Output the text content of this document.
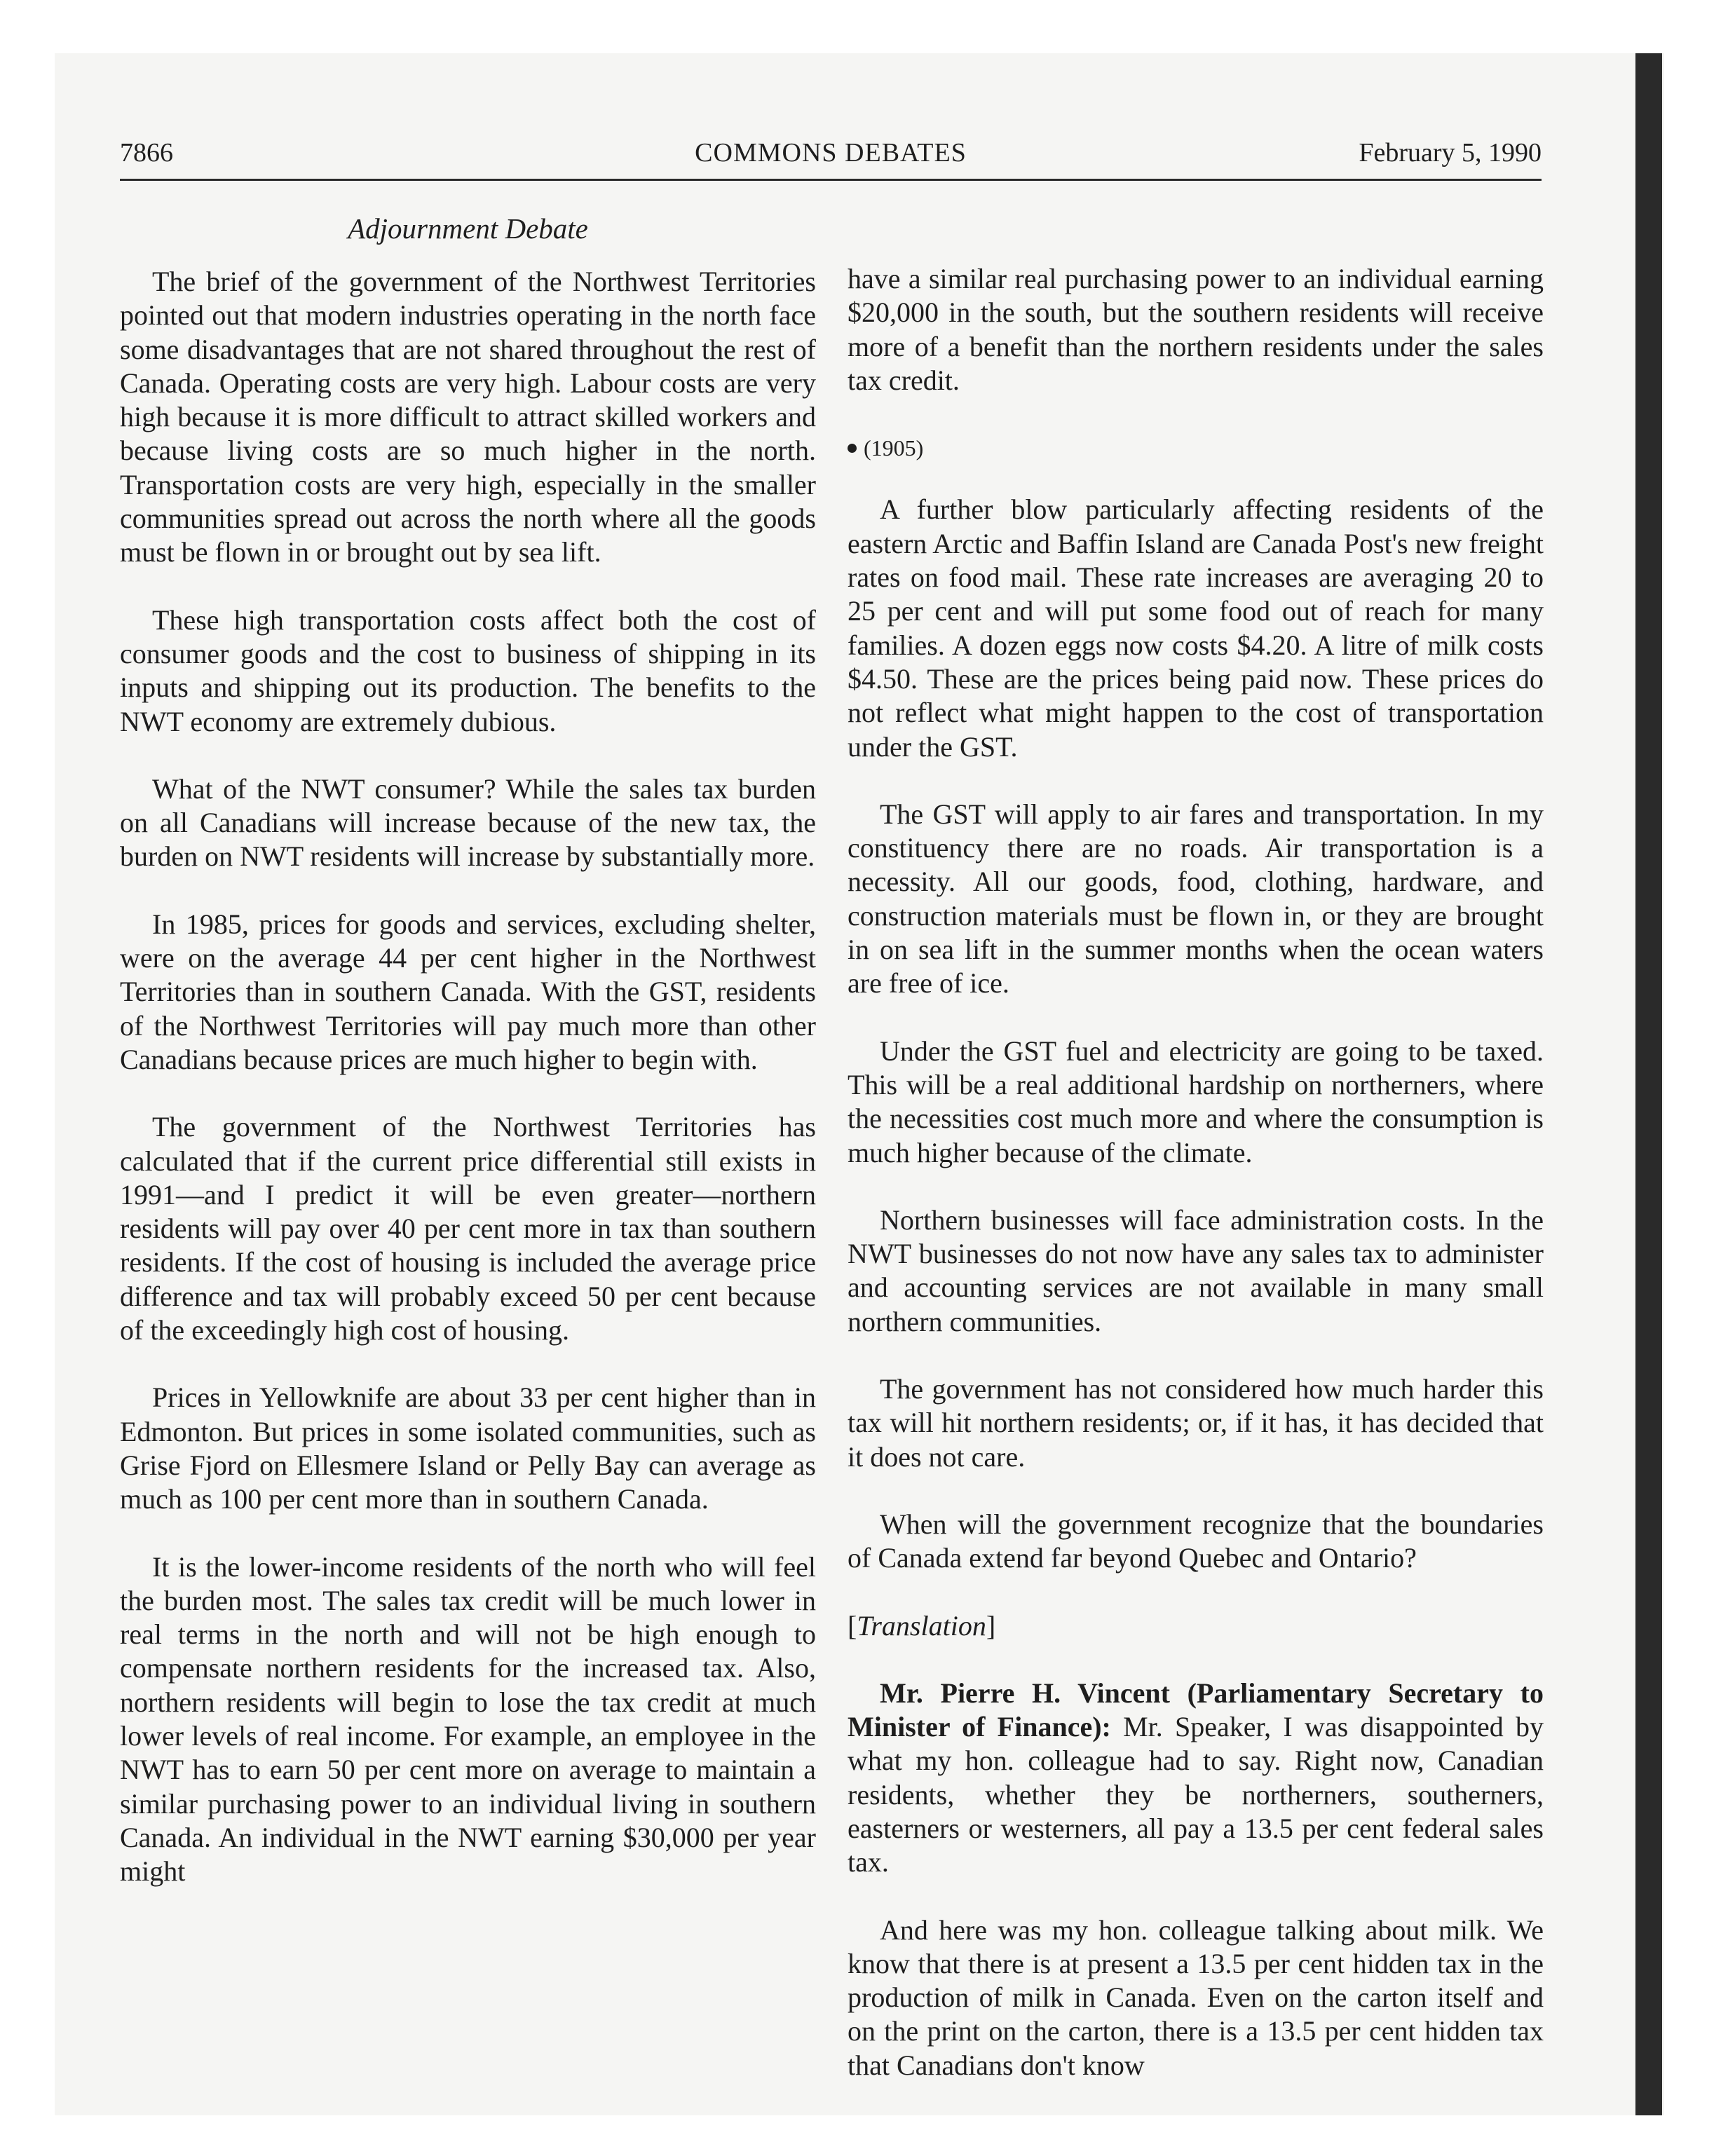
7866	COMMONS DEBATES	February 5, 1990
Adjournment Debate

The brief of the government of the Northwest Territories pointed out that modern industries operating in the north face some disadvantages that are not shared throughout the rest of Canada. Operating costs are very high. Labour costs are very high because it is more difficult to attract skilled workers and because living costs are so much higher in the north. Transportation costs are very high, especially in the smaller communities spread out across the north where all the goods must be flown in or brought out by sea lift.

These high transportation costs affect both the cost of consumer goods and the cost to business of shipping in its inputs and shipping out its production. The benefits to the NWT economy are extremely dubious.

What of the NWT consumer? While the sales tax burden on all Canadians will increase because of the new tax, the burden on NWT residents will increase by substantially more.

In 1985, prices for goods and services, excluding shelter, were on the average 44 per cent higher in the Northwest Territories than in southern Canada. With the GST, residents of the Northwest Territories will pay much more than other Canadians because prices are much higher to begin with.

The government of the Northwest Territories has calculated that if the current price differential still exists in 1991—and I predict it will be even greater—northern residents will pay over 40 per cent more in tax than southern residents. If the cost of housing is included the average price difference and tax will probably exceed 50 per cent because of the exceedingly high cost of housing.

Prices in Yellowknife are about 33 per cent higher than in Edmonton. But prices in some isolated communities, such as Grise Fjord on Ellesmere Island or Pelly Bay can average as much as 100 per cent more than in southern Canada.

It is the lower-income residents of the north who will feel the burden most. The sales tax credit will be much lower in real terms in the north and will not be high enough to compensate northern residents for the increased tax. Also, northern residents will begin to lose the tax credit at much lower levels of real income. For example, an employee in the NWT has to earn 50 per cent more on average to maintain a similar purchasing power to an individual living in southern Canada. An individual in the NWT earning $30,000 per year might

have a similar real purchasing power to an individual earning $20,000 in the south, but the southern residents will receive more of a benefit than the northern residents under the sales tax credit.

(1905)

A further blow particularly affecting residents of the eastern Arctic and Baffin Island are Canada Post's new freight rates on food mail. These rate increases are averaging 20 to 25 per cent and will put some food out of reach for many families. A dozen eggs now costs $4.20. A litre of milk costs $4.50. These are the prices being paid now. These prices do not reflect what might happen to the cost of transportation under the GST.

The GST will apply to air fares and transportation. In my constituency there are no roads. Air transportation is a necessity. All our goods, food, clothing, hardware, and construction materials must be flown in, or they are brought in on sea lift in the summer months when the ocean waters are free of ice.

Under the GST fuel and electricity are going to be taxed. This will be a real additional hardship on northerners, where the necessities cost much more and where the consumption is much higher because of the climate.

Northern businesses will face administration costs. In the NWT businesses do not now have any sales tax to administer and accounting services are not available in many small northern communities.

The government has not considered how much harder this tax will hit northern residents; or, if it has, it has decided that it does not care.

When will the government recognize that the boundaries of Canada extend far beyond Quebec and Ontario?

[Translation]

Mr. Pierre H. Vincent (Parliamentary Secretary to Minister of Finance): Mr. Speaker, I was disappointed by what my hon. colleague had to say. Right now, Canadian residents, whether they be northerners, southerners, easterners or westerners, all pay a 13.5 per cent federal sales tax.

And here was my hon. colleague talking about milk. We know that there is at present a 13.5 per cent hidden tax in the production of milk in Canada. Even on the carton itself and on the print on the carton, there is a 13.5 per cent hidden tax that Canadians don't know
